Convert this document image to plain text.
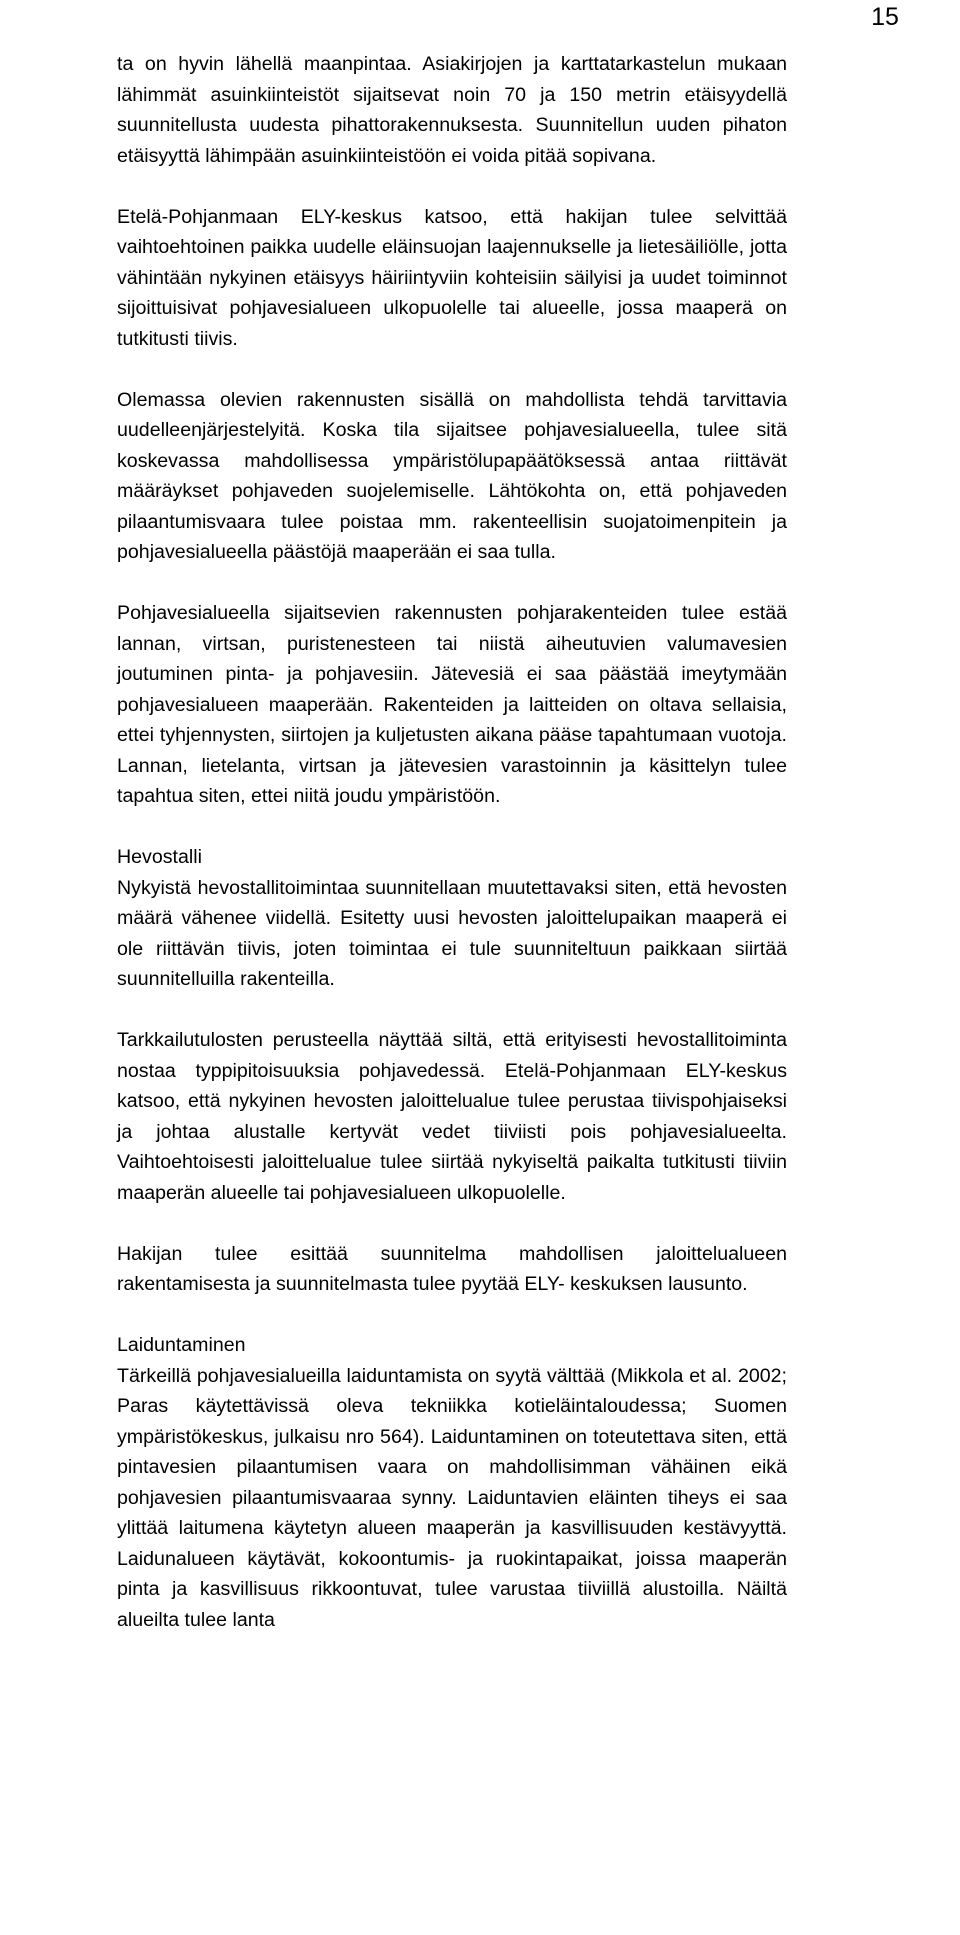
15

ta on hyvin lähellä maanpintaa. Asiakirjojen ja karttatarkastelun mukaan lähimmät asuinkiinteistöt sijaitsevat noin 70 ja 150 metrin etäisyydellä suunnitellusta uudesta pihattorakennuksesta. Suunnitellun uuden pihaton etäisyyttä lähimpään asuinkiinteistöön ei voida pitää sopivana.

Etelä-Pohjanmaan ELY-keskus katsoo, että hakijan tulee selvittää vaihtoehtoinen paikka uudelle eläinsuojan laajennukselle ja lietesäiliölle, jotta vähintään nykyinen etäisyys häiriintyviin kohteisiin säilyisi ja uudet toiminnot sijoittuisivat pohjavesialueen ulkopuolelle tai alueelle, jossa maaperä on tutkitusti tiivis.

Olemassa olevien rakennusten sisällä on mahdollista tehdä tarvittavia uudelleenjärjestelyitä. Koska tila sijaitsee pohjavesialueella, tulee sitä koskevassa mahdollisessa ympäristölupapäätöksessä antaa riittävät määräykset pohjaveden suojelemiselle. Lähtökohta on, että pohjaveden pilaantumisvaara tulee poistaa mm. rakenteellisin suojatoimenpitein ja pohjavesialueella päästöjä maaperään ei saa tulla.

Pohjavesialueella sijaitsevien rakennusten pohjarakenteiden tulee estää lannan, virtsan, puristenesteen tai niistä aiheutuvien valumavesien joutuminen pinta- ja pohjavesiin. Jätevesiä ei saa päästää imeytymään pohjavesialueen maaperään. Rakenteiden ja laitteiden on oltava sellaisia, ettei tyhjennysten, siirtojen ja kuljetusten aikana pääse tapahtumaan vuotoja. Lannan, lietelanta, virtsan ja jätevesien varastoinnin ja käsittelyn tulee tapahtua siten, ettei niitä joudu ympäristöön.

Hevostalli

Nykyistä hevostallitoimintaa suunnitellaan muutettavaksi siten, että hevosten määrä vähenee viidellä. Esitetty uusi hevosten jaloittelupaikan maaperä ei ole riittävän tiivis, joten toimintaa ei tule suunniteltuun paikkaan siirtää suunnitelluilla rakenteilla.

Tarkkailutulosten perusteella näyttää siltä, että erityisesti hevostallitoiminta nostaa typpipitoisuuksia pohjavedessä. Etelä-Pohjanmaan ELY-keskus katsoo, että nykyinen hevosten jaloittelualue tulee perustaa tiivispohjaiseksi ja johtaa alustalle kertyvät vedet tiiviisti pois pohjavesialueelta. Vaihtoehtoisesti jaloittelualue tulee siirtää nykyiseltä paikalta tutkitusti tiiviin maaperän alueelle tai pohjavesialueen ulkopuolelle.

Hakijan tulee esittää suunnitelma mahdollisen jaloittelualueen rakentamisesta ja suunnitelmasta tulee pyytää ELY- keskuksen lausunto.

Laiduntaminen

Tärkeillä pohjavesialueilla laiduntamista on syytä välttää (Mikkola et al. 2002; Paras käytettävissä oleva tekniikka kotieläintaloudessa; Suomen ympäristökeskus, julkaisu nro 564). Laiduntaminen on toteutettava siten, että pintavesien pilaantumisen vaara on mahdollisimman vähäinen eikä pohjavesien pilaantumisvaaraa synny. Laiduntavien eläinten tiheys ei saa ylittää laitumena käytetyn alueen maaperän ja kasvillisuuden kestävyyttä. Laidunalueen käytävät, kokoontumis- ja ruokintapaikat, joissa maaperän pinta ja kasvillisuus rikkoontuvat, tulee varustaa tiiviillä alustoilla. Näiltä alueilta tulee lanta
